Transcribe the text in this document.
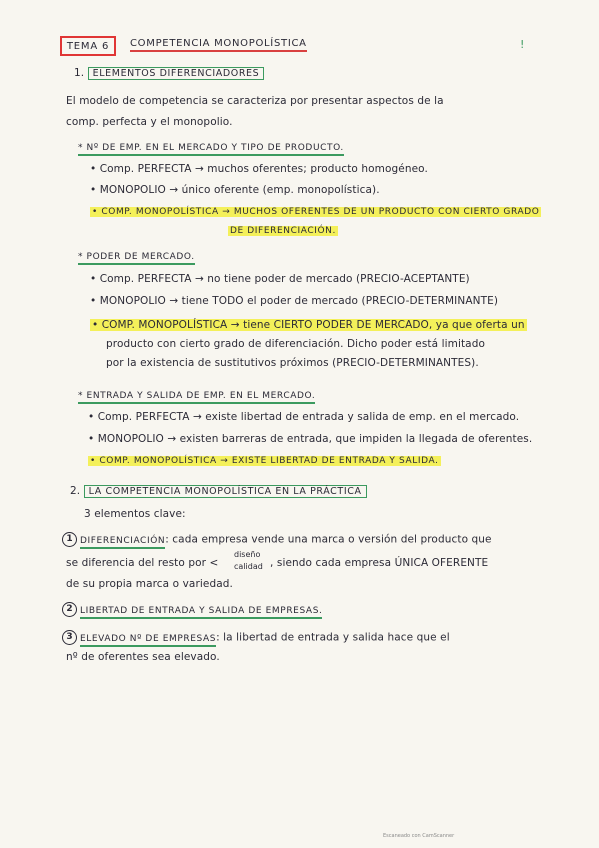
TEMA 6 COMPETENCIA MONOPOLÍSTICA	!
1. ELEMENTOS DIFERENCIADORES
El modelo de competencia se caracteriza por presentar aspectos de la
comp. perfecta y el monopolio.
* Nº DE EMP. EN EL MERCADO Y TIPO DE PRODUCTO.
• Comp. PERFECTA → muchos oferentes; producto homogéneo.
• MONOPOLIO → único oferente (emp. monopolística).
• COMP. MONOPOLÍSTICA → MUCHOS OFERENTES DE UN PRODUCTO CON CIERTO GRADO
DE DIFERENCIACIÓN.
* PODER DE MERCADO.
• Comp. PERFECTA → no tiene poder de mercado (PRECIO-ACEPTANTE)
• MONOPOLIO → tiene TODO el poder de mercado (PRECIO-DETERMINANTE)
• COMP. MONOPOLÍSTICA → tiene CIERTO PODER DE MERCADO, ya que oferta un
producto con cierto grado de diferenciación. Dicho poder está limitado
por la existencia de sustitutivos próximos (PRECIO-DETERMINANTES).
* ENTRADA Y SALIDA DE EMP. EN EL MERCADO.
• Comp. PERFECTA → existe libertad de entrada y salida de emp. en el mercado.
• MONOPOLIO → existen barreras de entrada, que impiden la llegada de oferentes.
• COMP. MONOPOLÍSTICA → EXISTE LIBERTAD DE ENTRADA Y SALIDA.
2. LA COMPETENCIA MONOPOLÍSTICA EN LA PRÁCTICA
3 elementos clave:
1 DIFERENCIACIÓN: cada empresa vende una marca o versión del producto que
se diferencia del resto por <
diseño
calidad , siendo cada empresa ÚNICA OFERENTE
de su propia marca o variedad.
2 LIBERTAD DE ENTRADA Y SALIDA DE EMPRESAS.
3 ELEVADO Nº DE EMPRESAS: la libertad de entrada y salida hace que el
nº de oferentes sea elevado.
Escaneado con CamScanner
